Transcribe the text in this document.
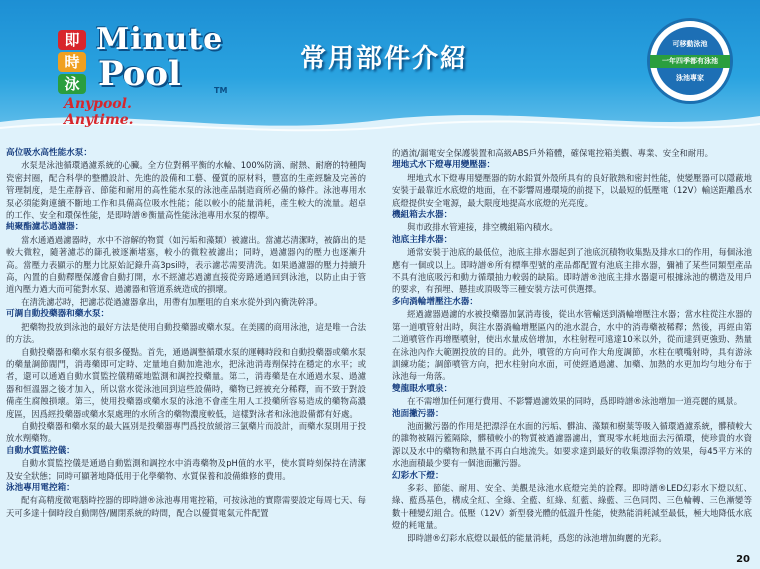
即
時
泳
Minute
Pool	TM
Anypool. Anytime.
常用部件介紹	可移動泳池
一年四季都有泳池
泳池專家
高位吸水高性能水泵：
水泵是泳池循環過濾系統的心臟。全方位對稱平衡的水輪、100%防滴、耐熱、耐磨的特種陶瓷密封圈，配合科學的整體設計、先進的設備和工藝、優質的原材料，豐富的生產經驗及完善的管理制度，是生產靜音、節能和耐用的高性能水泵的泳池產品制造商所必備的條件。泳池專用水泵必須能夠連續不斷地工作和具備高位吸水性能；能以較小的能量消耗，產生較大的流量。超卓的工作、安全和環保性能，是即時譜®衡量高性能泳池專用水泵的標準。
純聚酯濾芯過濾器：
當水通過過濾器時，水中不溶解的物質（如污垢和藻類）被濾出。當濾芯清潔時，被篩出的是較大微粒，隨著濾芯的篩孔被逐漸堵塞，較小的微粒被濾出；同時，過濾器內的壓力也逐漸升高。當壓力表顯示的壓力比原始記錄升高3psi時，表示濾芯需要清洗。如果過濾器的壓力持續升高，內置的自動釋壓保護會自動打開，水不經濾芯過濾直接從旁路通過回到泳池，以防止由于管道內壓力過大而可能對水泵、過濾器和管道系統造成的損壞。
在清洗濾芯時，把濾芯從過濾器拿出，用帶有加壓咀的自來水從外到內衝洗幹凈。
可調自動投藥器和藥水泵：
把藥物投放到泳池的最好方法是使用自動投藥器或藥水泵。在美國的商用泳池，這是唯一合法的方法。
自動投藥器和藥水泵有很多優點。首先，通過調整循環水泵的運轉時段和自動投藥器或藥水泵的藥量調節閥門，消毒藥即可定時、定量地自動加進池水，把泳池消毒劑保持在穩定的水平；或者，還可以通過自動水質監控儀精確地監測和調控投藥量。第二，消毒藥是在水通過水泵、過濾器和恒溫器之後才加入，所以當水從泳池回到這些設備時，藥物已經被充分稀釋，而不致于對設備產生腐蝕損壞。第三，使用投藥器或藥水泵的泳池不會產生用人工投藥所容易造成的藥物高濃度區，因爲經投藥器或藥水泵處理的水所含的藥物濃度較低，這樣對泳者和泳池設備都有好處。
自動投藥器和藥水泵的最大區別是投藥器專門爲投放緩溶三氯藥片而設計，而藥水泵則用于投放水劑藥物。
自動水質監控儀：
自動水質監控儀是通過自動監測和調控水中消毒藥物及pH值的水平，使水質時刻保持在清潔及安全狀態；同時可顯著地降低用于化學藥物、水質保養和設備維修的費用。
泳池專用電控箱：
配有高精度微電腦時控器的即時譜®泳池專用電控箱，可按泳池的實際需要設定每周七天、每天可多達十個時段自動開啓/關閉系統的時間，配合以優質電氣元件配置
的過流/漏電安全保護裝置和高級ABS戶外箱體，確保電控箱美觀、專業、安全和耐用。
埋地式水下燈專用變壓器：
埋地式水下燈專用變壓器的防水鉛質外殼所具有的良好散熱和密封性能，使變壓器可以隱蔽地安裝于最靠近水底燈的地面，在不影響周邊環境的前提下，以最短的低壓電（12V）輸送距離爲水底燈提供安全電源，最大限度地提高水底燈的光亮度。
機組箱去水器：
與市政排水管連接，排空機組箱內積水。
池底主排水器：
通常安裝于池底的最低位，池底主排水器起到了池底沉積物收集點及排水口的作用，每個泳池應有一個或以上。即時譜®所有標準型號的產品都配置有池底主排水器，彌補了某些同類型產品不具有池底吸污和動力循環抽力較弱的缺陷。即時譜®池底主排水器還可根據泳池的構造及用戶的要求，有預埋、懸挂或頂吸等三種安裝方法可供選擇。
多向渦輪增壓注水器：
經過濾器過濾的水被投藥器加氯消毒後，從出水管輸送到渦輪增壓注水器；當水柱從注水器的第一道噴管射出時，與注水器渦輪增壓區內的池水混合，水中的消毒藥被稀釋；然後，再經由第二道噴管作再增壓噴射，使出水量成倍增加，水柱射程可遠達10米以外，從而達到更強勁、熱量在泳池內作大範圍投放的目的。此外，噴管的方向可作大角度調節，水柱在噴嘴射時，具有游泳訓練功能；調節噴管方向，把水柱射向水面，可使經過過濾、加藥、加熱的水更加均勻地分布于泳池每一角落。
雙龍眼水噴泉：
在不需增加任何運行費用、不影響過濾效果的同時，爲即時譜®泳池增加一道亮麗的風景。
池面撇污器：
池面撇污器的作用是把漂浮在水面的污垢、髒油、藻類和樹葉等吸入循環過濾系統，髒積較大的雜物被隔污籃隔除，髒積較小的物質被過濾器濾出，實現零水耗地面去污循環，使珍貴的水資源以及水中的藥物和熱量不再白白地流失。如要求達到最好的收集漂浮物的效果，每45平方米的水池面積最少要有一個池面撇污器。
幻彩水下燈：
多彩、節能、耐用、安全、美觀是泳池水底燈完美的詮釋。即時譜®LED幻彩水下燈以紅、綠、藍爲基色，構成全紅、全綠、全藍、紅綠、紅藍、綠藍、三色同閃、三色輪轉、三色漸變等數十種變幻組合。低壓（12V）新型發光體的低溫升性能，使熱能消耗減至最低，極大地降低水底燈的耗電量。
即時譜®幻彩水底燈以最低的能量消耗，爲您的泳池增加絢麗的光彩。
20
